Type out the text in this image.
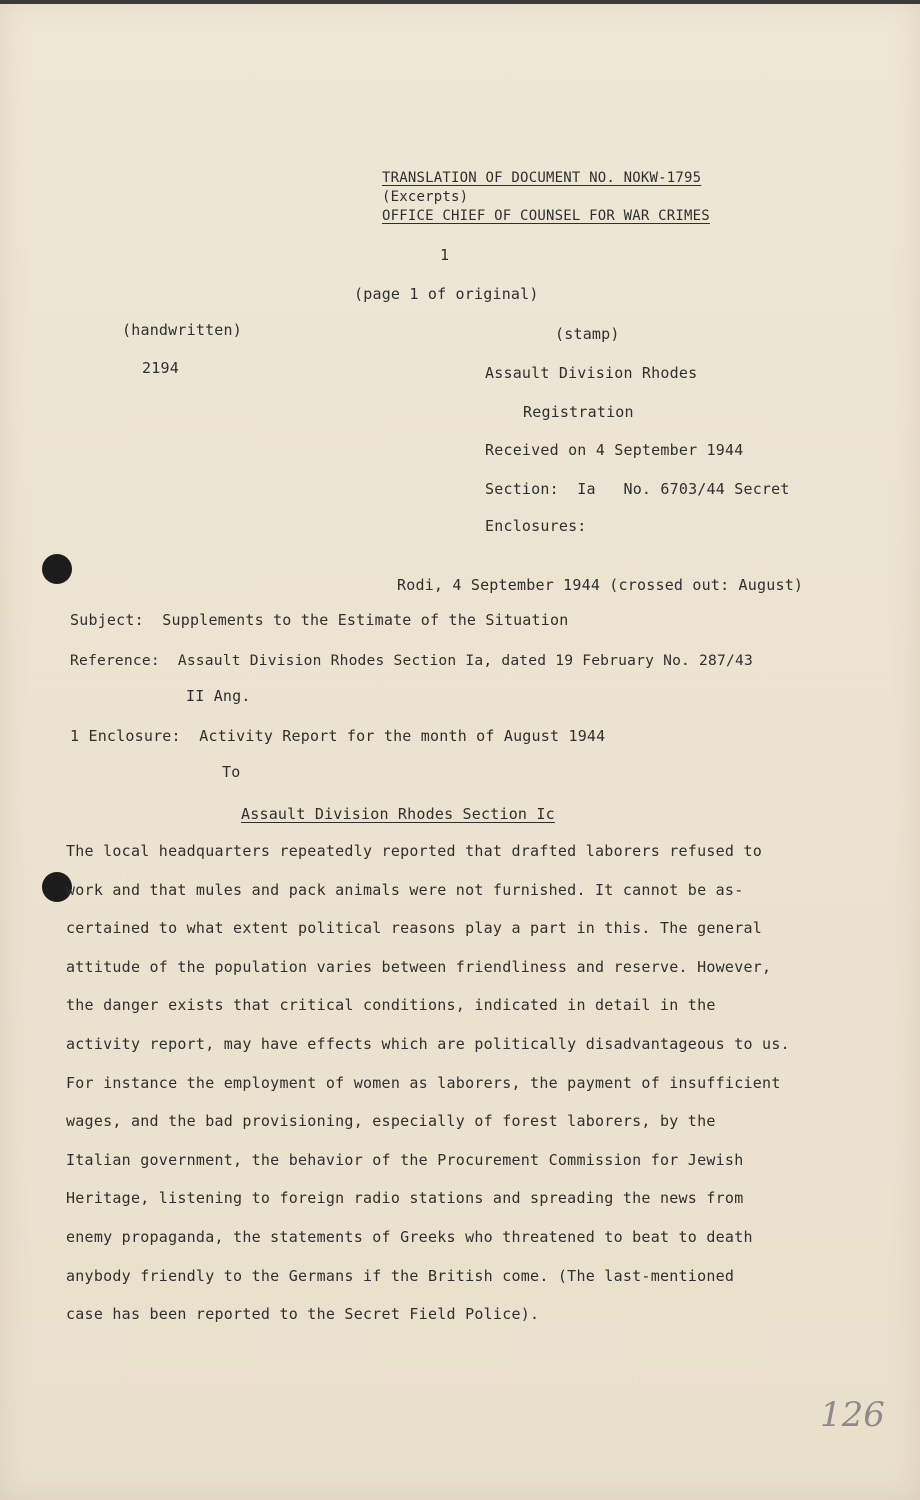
TRANSLATION OF DOCUMENT NO. NOKW-1795
(Excerpts)
OFFICE CHIEF OF COUNSEL FOR WAR CRIMES
1
(page 1 of original)
(handwritten)
2194
(stamp)
Assault Division Rhodes
Registration
Received on 4 September 1944
Section:  Ia   No. 6703/44 Secret
Enclosures:
Rodi, 4 September 1944 (crossed out: August)
Subject:  Supplements to the Estimate of the Situation
Reference:  Assault Division Rhodes Section Ia, dated 19 February No. 287/43
II Ang.
1 Enclosure:  Activity Report for the month of August 1944
To
Assault Division Rhodes Section Ic
The local headquarters repeatedly reported that drafted laborers refused to
work and that mules and pack animals were not furnished. It cannot be as-
certained to what extent political reasons play a part in this. The general
attitude of the population varies between friendliness and reserve. However,
the danger exists that critical conditions, indicated in detail in the
activity report, may have effects which are politically disadvantageous to us.
For instance the employment of women as laborers, the payment of insufficient
wages, and the bad provisioning, especially of forest laborers, by the
Italian government, the behavior of the Procurement Commission for Jewish
Heritage, listening to foreign radio stations and spreading the news from
enemy propaganda, the statements of Greeks who threatened to beat to death
anybody friendly to the Germans if the British come. (The last-mentioned
case has been reported to the Secret Field Police).
126
